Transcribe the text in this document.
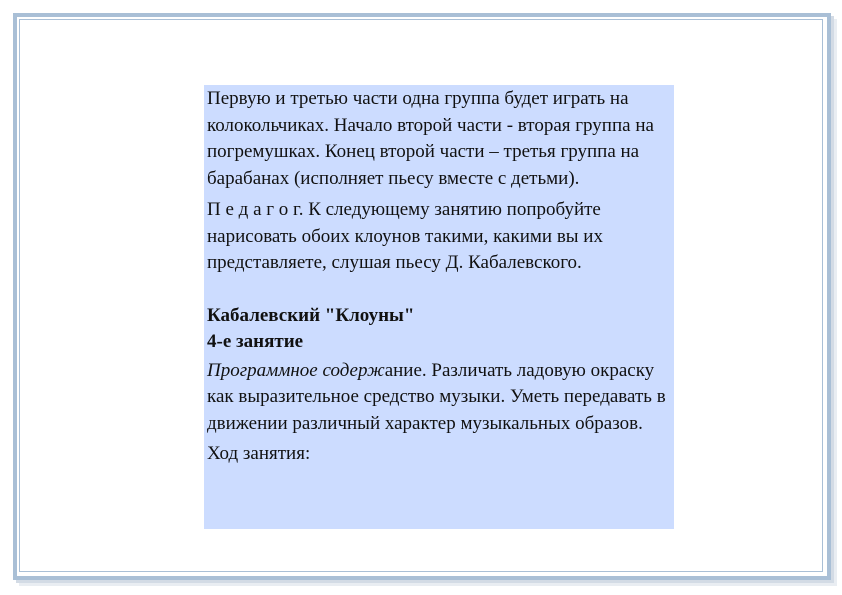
Первую и третью части одна группа будет играть на колокольчиках. Начало второй части - вторая группа на погремушках. Конец второй части – третья группа на барабанах (исполняет пьесу вместе с детьми).

П е д а г о г. К следующему занятию попробуйте нарисовать обоих клоунов такими, какими вы их представляете, слушая пьесу Д. Кабалевского.

Кабалевский "Клоуны"

4-е занятие

Программное содержание. Различать ладовую окраску как выразительное средство музыки. Уметь передавать в движении различный характер музыкальных образов.

Ход занятия:
